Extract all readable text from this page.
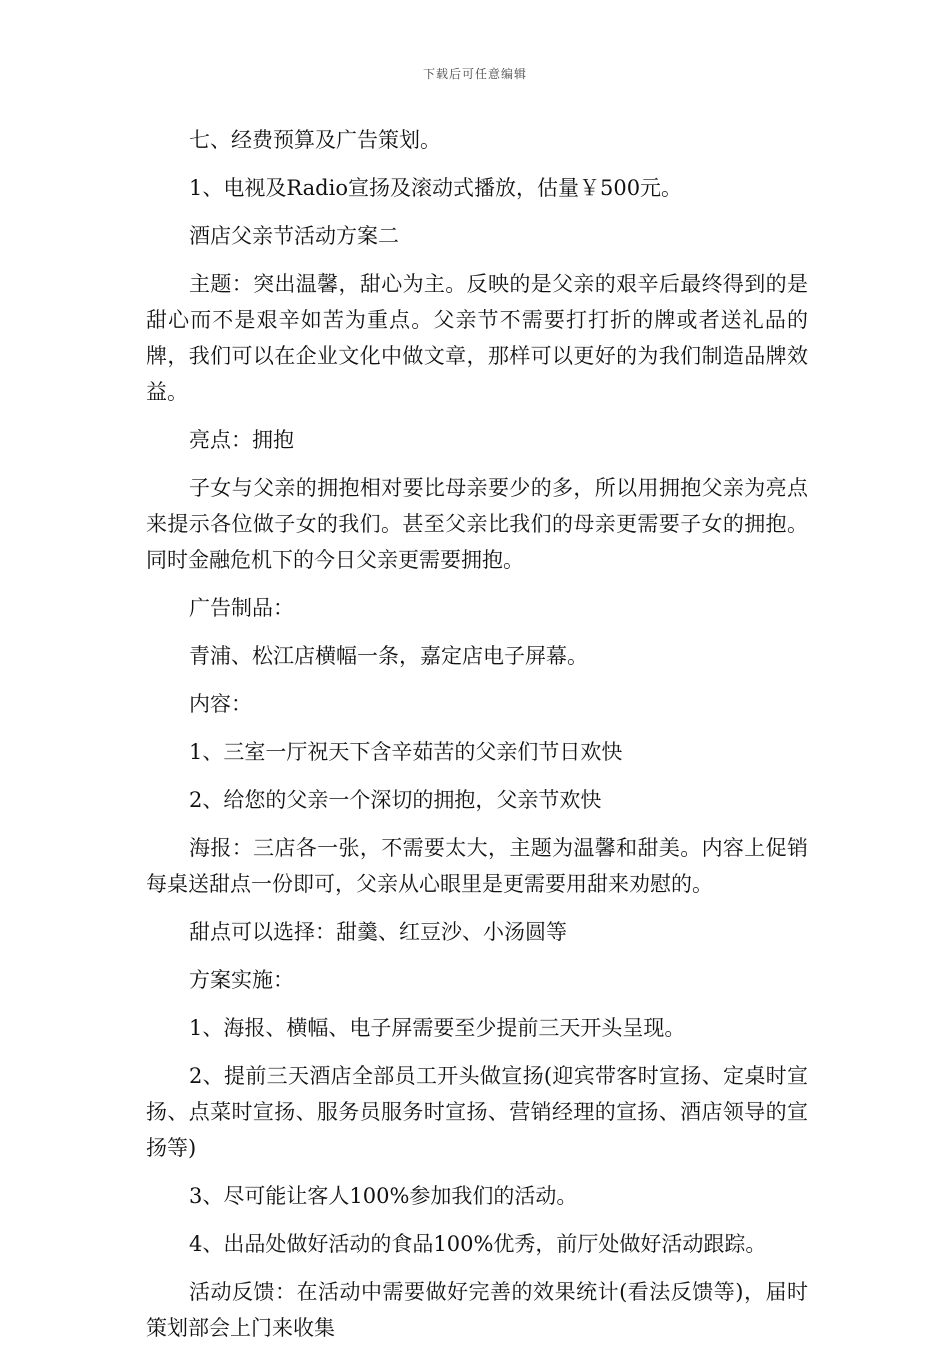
下载后可任意编辑

七、经费预算及广告策划。

1、电视及Radio宣扬及滚动式播放，估量￥500元。

酒店父亲节活动方案二

主题：突出温馨，甜心为主。反映的是父亲的艰辛后最终得到的是甜心而不是艰辛如苦为重点。父亲节不需要打打折的牌或者送礼品的牌，我们可以在企业文化中做文章，那样可以更好的为我们制造品牌效益。

亮点：拥抱

子女与父亲的拥抱相对要比母亲要少的多，所以用拥抱父亲为亮点来提示各位做子女的我们。甚至父亲比我们的母亲更需要子女的拥抱。同时金融危机下的今日父亲更需要拥抱。

广告制品：

青浦、松江店横幅一条，嘉定店电子屏幕。

内容：

1、三室一厅祝天下含辛茹苦的父亲们节日欢快

2、给您的父亲一个深切的拥抱，父亲节欢快

海报：三店各一张，不需要太大，主题为温馨和甜美。内容上促销每桌送甜点一份即可，父亲从心眼里是更需要用甜来劝慰的。

甜点可以选择：甜羹、红豆沙、小汤圆等

方案实施：

1、海报、横幅、电子屏需要至少提前三天开头呈现。

2、提前三天酒店全部员工开头做宣扬(迎宾带客时宣扬、定桌时宣扬、点菜时宣扬、服务员服务时宣扬、营销经理的宣扬、酒店领导的宣扬等)

3、尽可能让客人100%参加我们的活动。

4、出品处做好活动的食品100%优秀，前厅处做好活动跟踪。

活动反馈：在活动中需要做好完善的效果统计(看法反馈等)，届时策划部会上门来收集
